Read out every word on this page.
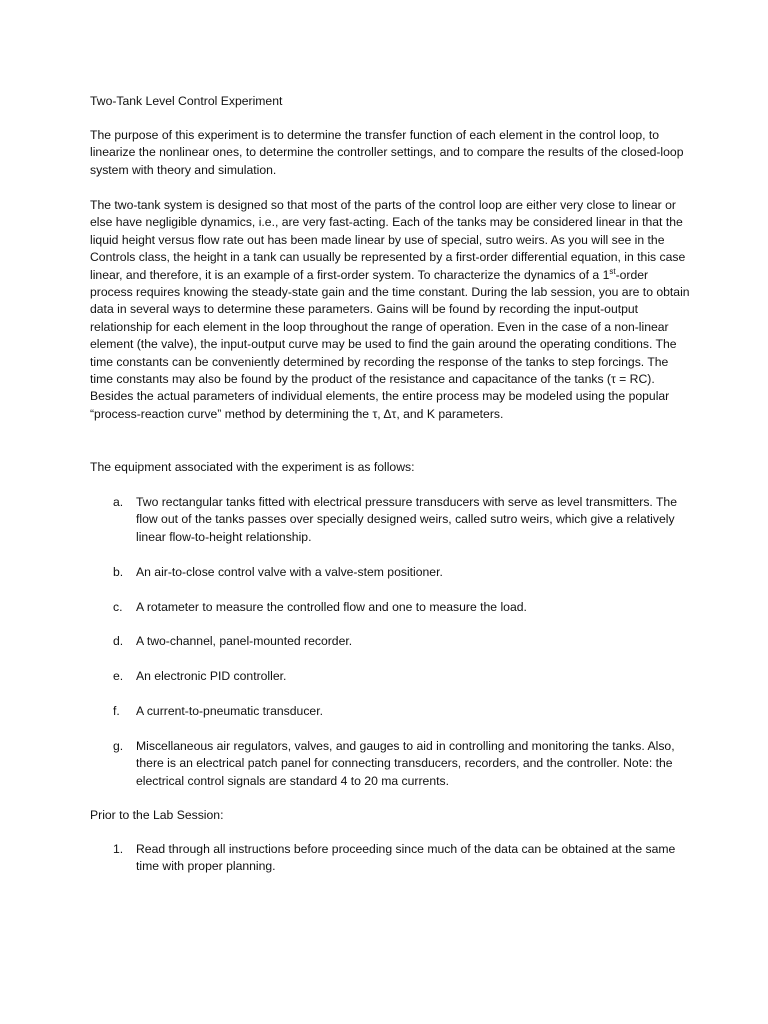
Two-Tank Level Control Experiment

The purpose of this experiment is to determine the transfer function of each element in the control loop, to linearize the nonlinear ones, to determine the controller settings, and to compare the results of the closed-loop system with theory and simulation.

The two-tank system is designed so that most of the parts of the control loop are either very close to linear or else have negligible dynamics, i.e., are very fast-acting. Each of the tanks may be considered linear in that the liquid height versus flow rate out has been made linear by use of special, sutro weirs. As you will see in the Controls class, the height in a tank can usually be represented by a first-order differential equation, in this case linear, and therefore, it is an example of a first-order system. To characterize the dynamics of a 1st-order process requires knowing the steady-state gain and the time constant. During the lab session, you are to obtain data in several ways to determine these parameters. Gains will be found by recording the input-output relationship for each element in the loop throughout the range of operation. Even in the case of a non-linear element (the valve), the input-output curve may be used to find the gain around the operating conditions. The time constants can be conveniently determined by recording the response of the tanks to step forcings. The time constants may also be found by the product of the resistance and capacitance of the tanks (τ = RC). Besides the actual parameters of individual elements, the entire process may be modeled using the popular “process-reaction curve” method by determining the τ, Δτ, and K parameters.

The equipment associated with the experiment is as follows:

a. Two rectangular tanks fitted with electrical pressure transducers with serve as level transmitters. The flow out of the tanks passes over specially designed weirs, called sutro weirs, which give a relatively linear flow-to-height relationship.
b. An air-to-close control valve with a valve-stem positioner.
c. A rotameter to measure the controlled flow and one to measure the load.
d. A two-channel, panel-mounted recorder.
e. An electronic PID controller.
f. A current-to-pneumatic transducer.
g. Miscellaneous air regulators, valves, and gauges to aid in controlling and monitoring the tanks. Also, there is an electrical patch panel for connecting transducers, recorders, and the controller. Note: the electrical control signals are standard 4 to 20 ma currents.

Prior to the Lab Session:

1. Read through all instructions before proceeding since much of the data can be obtained at the same time with proper planning.
